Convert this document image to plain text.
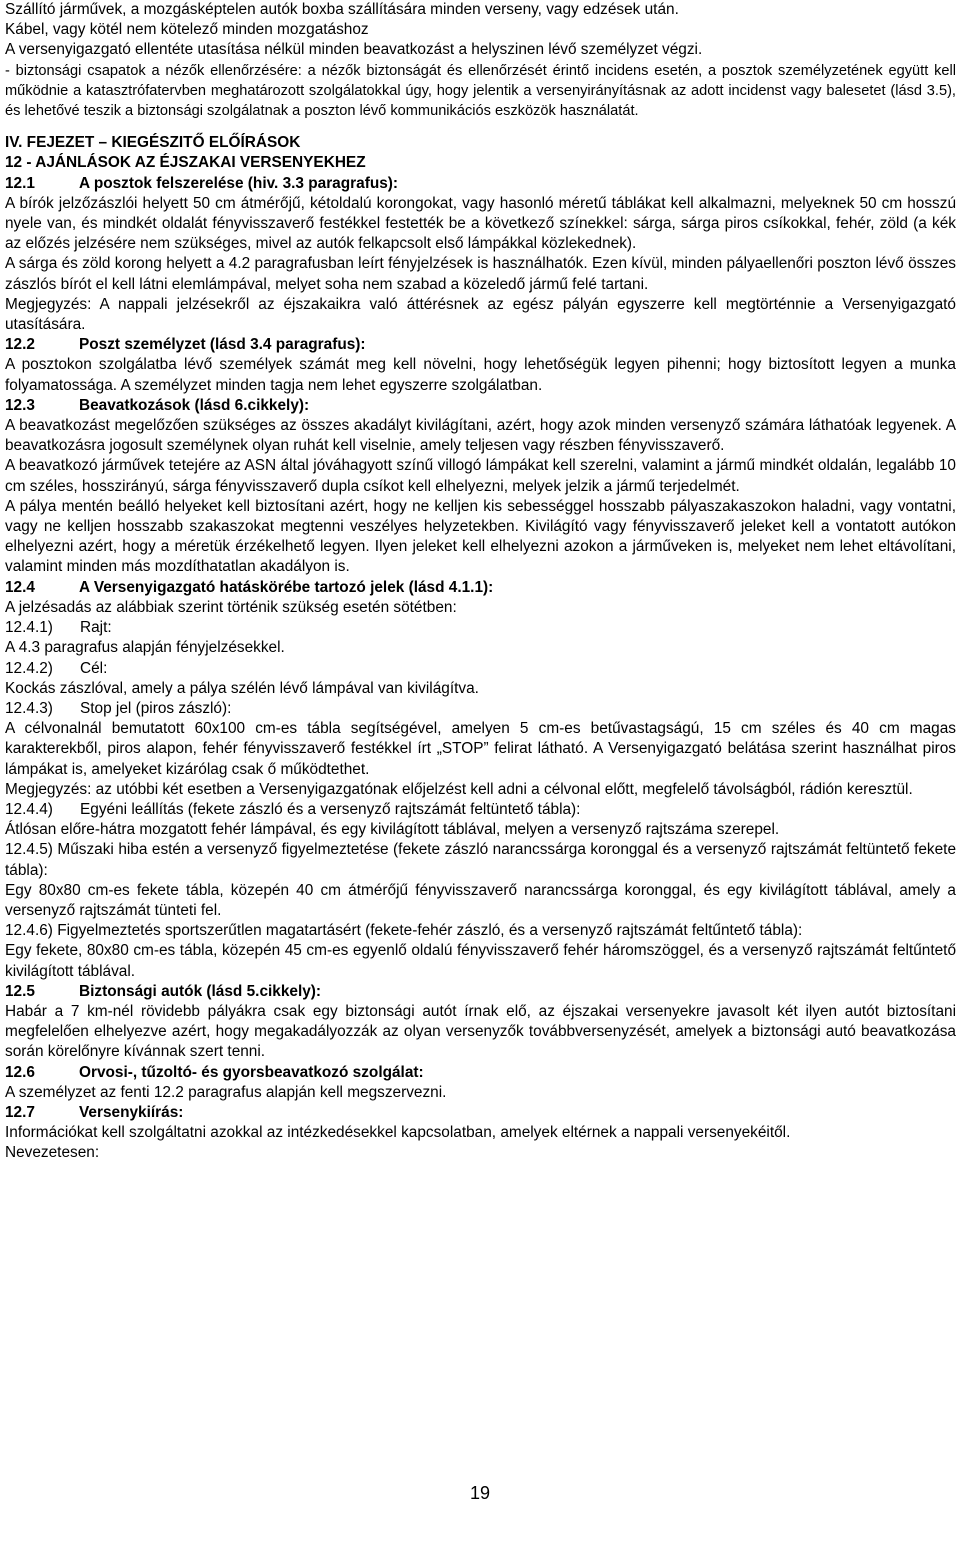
Szállító járművek, a mozgásképtelen autók boxba szállítására minden verseny, vagy edzések után.

Kábel, vagy kötél nem kötelező minden mozgatáshoz

A versenyigazgató ellentéte utasítása nélkül minden beavatkozást a helyszinen lévő személyzet végzi.

- biztonsági csapatok a nézők ellenőrzésére: a nézők biztonságát és ellenőrzését érintő incidens esetén, a posztok személyzetének együtt kell működnie a katasztrófatervben meghatározott szolgálatokkal úgy, hogy jelentik a versenyirányításnak az adott incidenst vagy balesetet (lásd 3.5), és lehetővé teszik a biztonsági szolgálatnak a poszton lévő kommunikációs eszközök használatát.

IV. FEJEZET – KIEGÉSZITŐ ELŐÍRÁSOK

12 - AJÁNLÁSOK AZ ÉJSZAKAI VERSENYEKHEZ

12.1	A posztok felszerelése (hiv. 3.3 paragrafus):

A bírók jelzőzászlói helyett 50 cm átmérőjű, kétoldalú korongokat, vagy hasonló méretű táblákat kell alkalmazni, melyeknek 50 cm hosszú nyele van, és mindkét oldalát fényvisszaverő festékkel festették be a következő színekkel: sárga, sárga piros csíkokkal, fehér, zöld (a kék az előzés jelzésére nem szükséges, mivel az autók felkapcsolt első lámpákkal közlekednek).

A sárga és zöld korong helyett a 4.2 paragrafusban leírt fényjelzések is használhatók. Ezen kívül, minden pályaellenőri poszton lévő összes zászlós bírót el kell látni elemlámpával, melyet soha nem szabad a közeledő jármű felé tartani.

Megjegyzés: A nappali jelzésekről az éjszakaikra való áttérésnek az egész pályán egyszerre kell megtörténnie a Versenyigazgató utasítására.

12.2	Poszt személyzet (lásd 3.4 paragrafus):

A posztokon szolgálatba lévő személyek számát meg kell növelni, hogy lehetőségük legyen pihenni; hogy biztosított legyen a munka folyamatossága. A személyzet minden tagja nem lehet egyszerre szolgálatban.

12.3	Beavatkozások (lásd 6.cikkely):

A beavatkozást megelőzően szükséges az összes akadályt kivilágítani, azért, hogy azok minden versenyző számára láthatóak legyenek. A beavatkozásra jogosult személynek olyan ruhát kell viselnie, amely teljesen vagy részben fényvisszaverő.

A beavatkozó járművek tetejére az ASN által jóváhagyott színű villogó lámpákat kell szerelni, valamint a jármű mindkét oldalán, legalább 10 cm széles, hosszirányú, sárga fényvisszaverő dupla csíkot kell elhelyezni, melyek jelzik a jármű terjedelmét.

A pálya mentén beálló helyeket kell biztosítani azért, hogy ne kelljen kis sebességgel hosszabb pályaszakaszokon haladni, vagy vontatni, vagy ne kelljen hosszabb szakaszokat megtenni veszélyes helyzetekben. Kivilágító vagy fényvisszaverő jeleket kell a vontatott autókon elhelyezni azért, hogy a méretük érzékelhető legyen. Ilyen jeleket kell elhelyezni azokon a járműveken is, melyeket nem lehet eltávolítani, valamint minden más mozdíthatatlan akadályon is.

12.4	A Versenyigazgató hatáskörébe tartozó jelek (lásd 4.1.1):

A jelzésadás az alábbiak szerint történik szükség esetén sötétben:

12.4.1)	Rajt:

A 4.3 paragrafus alapján fényjelzésekkel.

12.4.2)	Cél:

Kockás zászlóval, amely a pálya szélén lévő lámpával van kivilágítva.

12.4.3)	Stop jel (piros zászló):

A célvonalnál bemutatott 60x100 cm-es tábla segítségével, amelyen 5 cm-es betűvastagságú, 15 cm széles és 40 cm magas karakterekből, piros alapon, fehér fényvisszaverő festékkel írt „STOP” felirat látható. A Versenyigazgató belátása szerint használhat piros lámpákat is, amelyeket kizárólag csak ő működtethet.

Megjegyzés: az utóbbi két esetben a Versenyigazgatónak előjelzést kell adni a célvonal előtt, megfelelő távolságból, rádión keresztül.

12.4.4)	Egyéni leállítás (fekete zászló és a versenyző rajtszámát feltüntető tábla):

Átlósan előre-hátra mozgatott fehér lámpával, és egy kivilágított táblával, melyen a versenyző rajtszáma szerepel.

12.4.5) Műszaki hiba estén a versenyző figyelmeztetése (fekete zászló narancssárga koronggal és a versenyző rajtszámát feltüntető fekete tábla):

Egy 80x80 cm-es fekete tábla, közepén 40 cm átmérőjű fényvisszaverő narancssárga koronggal, és egy kivilágított táblával, amely a versenyző rajtszámát tünteti fel.

12.4.6) Figyelmeztetés sportszerűtlen magatartásért (fekete-fehér zászló, és a versenyző rajtszámát feltűntető tábla):

Egy fekete, 80x80 cm-es tábla, közepén 45 cm-es egyenlő oldalú fényvisszaverő fehér háromszöggel, és a versenyző rajtszámát feltűntető kivilágított táblával.

12.5	Biztonsági autók (lásd 5.cikkely):

Habár a 7 km-nél rövidebb pályákra csak egy biztonsági autót írnak elő, az éjszakai versenyekre javasolt két ilyen autót biztosítani megfelelően elhelyezve azért, hogy megakadályozzák az olyan versenyzők továbbversenyzését, amelyek a biztonsági autó beavatkozása során körelőnyre kívánnak szert tenni.

12.6	Orvosi-, tűzoltó- és gyorsbeavatkozó szolgálat:

A személyzet az fenti 12.2 paragrafus alapján kell megszervezni.

12.7	Versenykiírás:

Információkat kell szolgáltatni azokkal az intézkedésekkel kapcsolatban, amelyek eltérnek a nappali versenyekéitől.

Nevezetesen:

19
